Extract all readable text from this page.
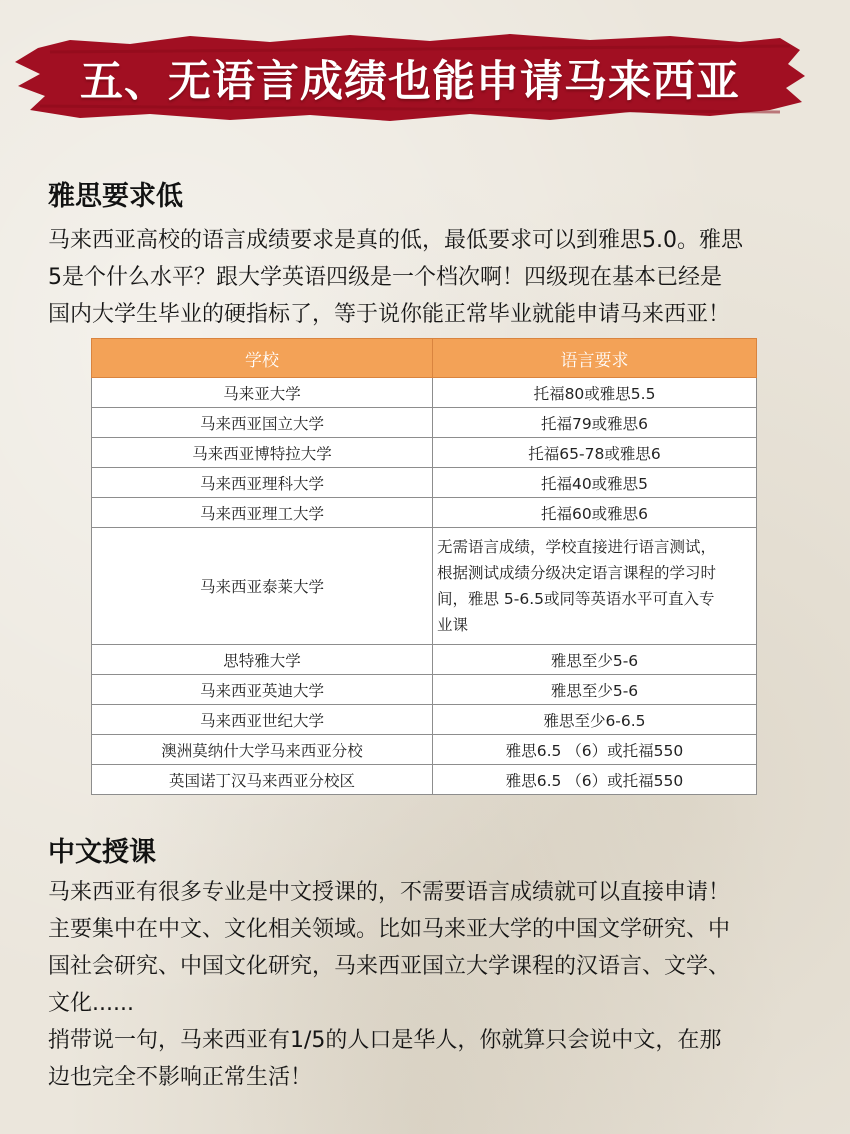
五、无语言成绩也能申请马来西亚
雅思要求低
马来西亚高校的语言成绩要求是真的低，最低要求可以到雅思5.0。雅思
5是个什么水平？跟大学英语四级是一个档次啊！四级现在基本已经是
国内大学生毕业的硬指标了，等于说你能正常毕业就能申请马来西亚！
学校	语言要求
马来亚大学	托福80或雅思5.5
马来西亚国立大学	托福79或雅思6
马来西亚博特拉大学	托福65-78或雅思6
马来西亚理科大学	托福40或雅思5
马来西亚理工大学	托福60或雅思6
马来西亚泰莱大学	无需语言成绩，学校直接进行语言测试，
根据测试成绩分级决定语言课程的学习时
间，雅思 5-6.5或同等英语水平可直入专
业课

思特雅大学	雅思至少5-6
马来西亚英迪大学	雅思至少5-6
马来西亚世纪大学	雅思至少6-6.5
澳洲莫纳什大学马来西亚分校	雅思6.5 （6）或托福550
英国诺丁汉马来西亚分校区	雅思6.5 （6）或托福550
中文授课
马来西亚有很多专业是中文授课的，不需要语言成绩就可以直接申请！
主要集中在中文、文化相关领域。比如马来亚大学的中国文学研究、中
国社会研究、中国文化研究，马来西亚国立大学课程的汉语言、文学、
文化......
捎带说一句，马来西亚有1/5的人口是华人，你就算只会说中文，在那
边也完全不影响正常生活！
